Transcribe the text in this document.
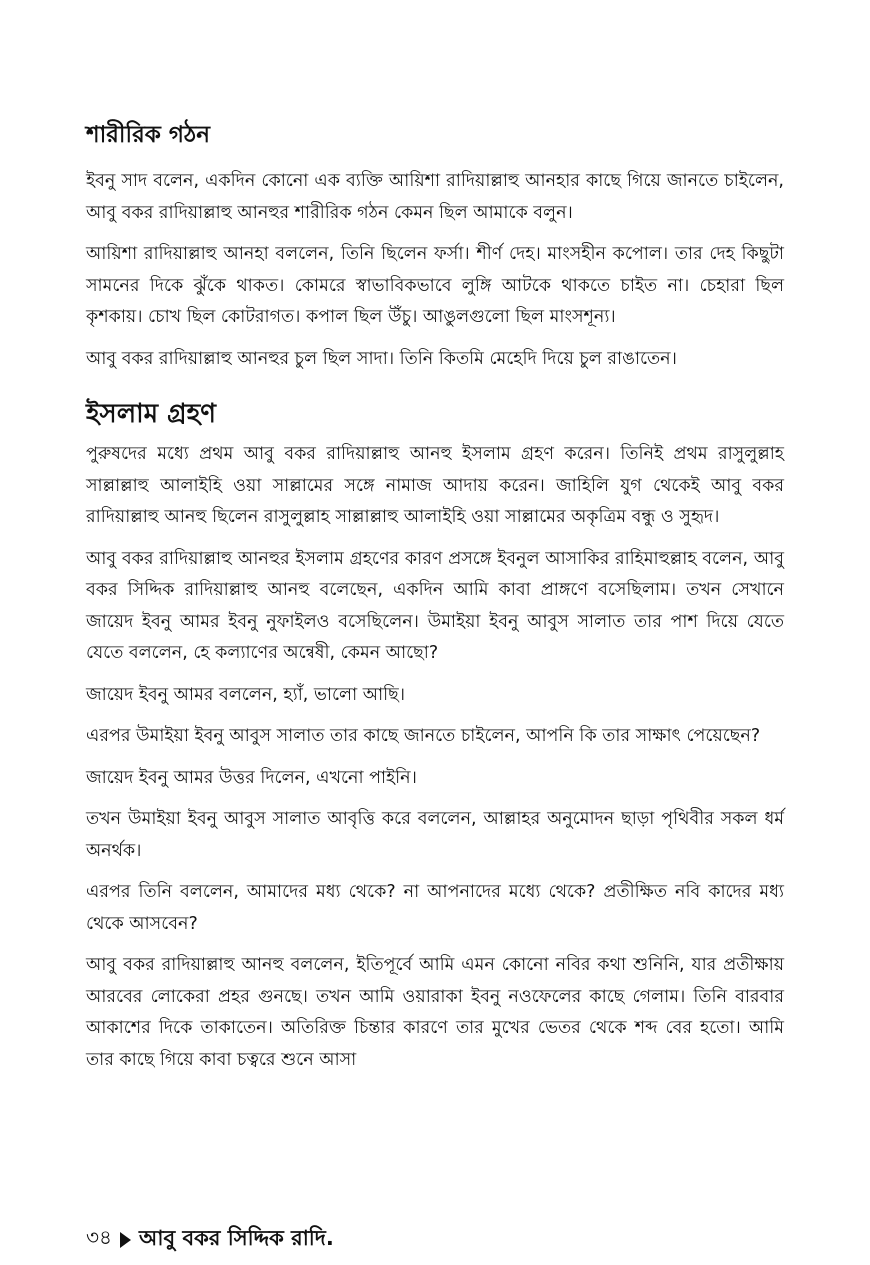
শারীরিক গঠন

ইবনু সাদ বলেন, একদিন কোনো এক ব্যক্তি আয়িশা রাদিয়াল্লাহু আনহার কাছে গিয়ে জানতে চাইলেন, আবু বকর রাদিয়াল্লাহু আনহুর শারীরিক গঠন কেমন ছিল আমাকে বলুন।

আয়িশা রাদিয়াল্লাহু আনহা বললেন, তিনি ছিলেন ফর্সা। শীর্ণ দেহ। মাংসহীন কপোল। তার দেহ কিছুটা সামনের দিকে ঝুঁকে থাকত। কোমরে স্বাভাবিকভাবে লুঙ্গি আটকে থাকতে চাইত না। চেহারা ছিল কৃশকায়। চোখ ছিল কোটরাগত। কপাল ছিল উঁচু। আঙুলগুলো ছিল মাংসশূন্য।

আবু বকর রাদিয়াল্লাহু আনহুর চুল ছিল সাদা। তিনি কিতমি মেহেদি দিয়ে চুল রাঙাতেন।

ইসলাম গ্রহণ

পুরুষদের মধ্যে প্রথম আবু বকর রাদিয়াল্লাহু আনহু ইসলাম গ্রহণ করেন। তিনিই প্রথম রাসুলুল্লাহ সাল্লাল্লাহু আলাইহি ওয়া সাল্লামের সঙ্গে নামাজ আদায় করেন। জাহিলি যুগ থেকেই আবু বকর রাদিয়াল্লাহু আনহু ছিলেন রাসুলুল্লাহ সাল্লাল্লাহু আলাইহি ওয়া সাল্লামের অকৃত্রিম বন্ধু ও সুহৃদ।

আবু বকর রাদিয়াল্লাহু আনহুর ইসলাম গ্রহণের কারণ প্রসঙ্গে ইবনুল আসাকির রাহিমাহুল্লাহ বলেন, আবু বকর সিদ্দিক রাদিয়াল্লাহু আনহু বলেছেন, একদিন আমি কাবা প্রাঙ্গণে বসেছিলাম। তখন সেখানে জায়েদ ইবনু আমর ইবনু নুফাইলও বসেছিলেন। উমাইয়া ইবনু আবুস সালাত তার পাশ দিয়ে যেতে যেতে বললেন, হে কল্যাণের অন্বেষী, কেমন আছো?

জায়েদ ইবনু আমর বললেন, হ্যাঁ, ভালো আছি।

এরপর উমাইয়া ইবনু আবুস সালাত তার কাছে জানতে চাইলেন, আপনি কি তার সাক্ষাৎ পেয়েছেন?

জায়েদ ইবনু আমর উত্তর দিলেন, এখনো পাইনি।

তখন উমাইয়া ইবনু আবুস সালাত আবৃত্তি করে বললেন, আল্লাহর অনুমোদন ছাড়া পৃথিবীর সকল ধর্ম অনর্থক।

এরপর তিনি বললেন, আমাদের মধ্য থেকে? না আপনাদের মধ্যে থেকে? প্রতীক্ষিত নবি কাদের মধ্য থেকে আসবেন?

আবু বকর রাদিয়াল্লাহু আনহু বললেন, ইতিপূর্বে আমি এমন কোনো নবির কথা শুনিনি, যার প্রতীক্ষায় আরবের লোকেরা প্রহর গুনছে। তখন আমি ওয়ারাকা ইবনু নওফেলের কাছে গেলাম। তিনি বারবার আকাশের দিকে তাকাতেন। অতিরিক্ত চিন্তার কারণে তার মুখের ভেতর থেকে শব্দ বের হতো। আমি তার কাছে গিয়ে কাবা চত্বরে শুনে আসা

৩৪ আবু বকর সিদ্দিক রাদি.
